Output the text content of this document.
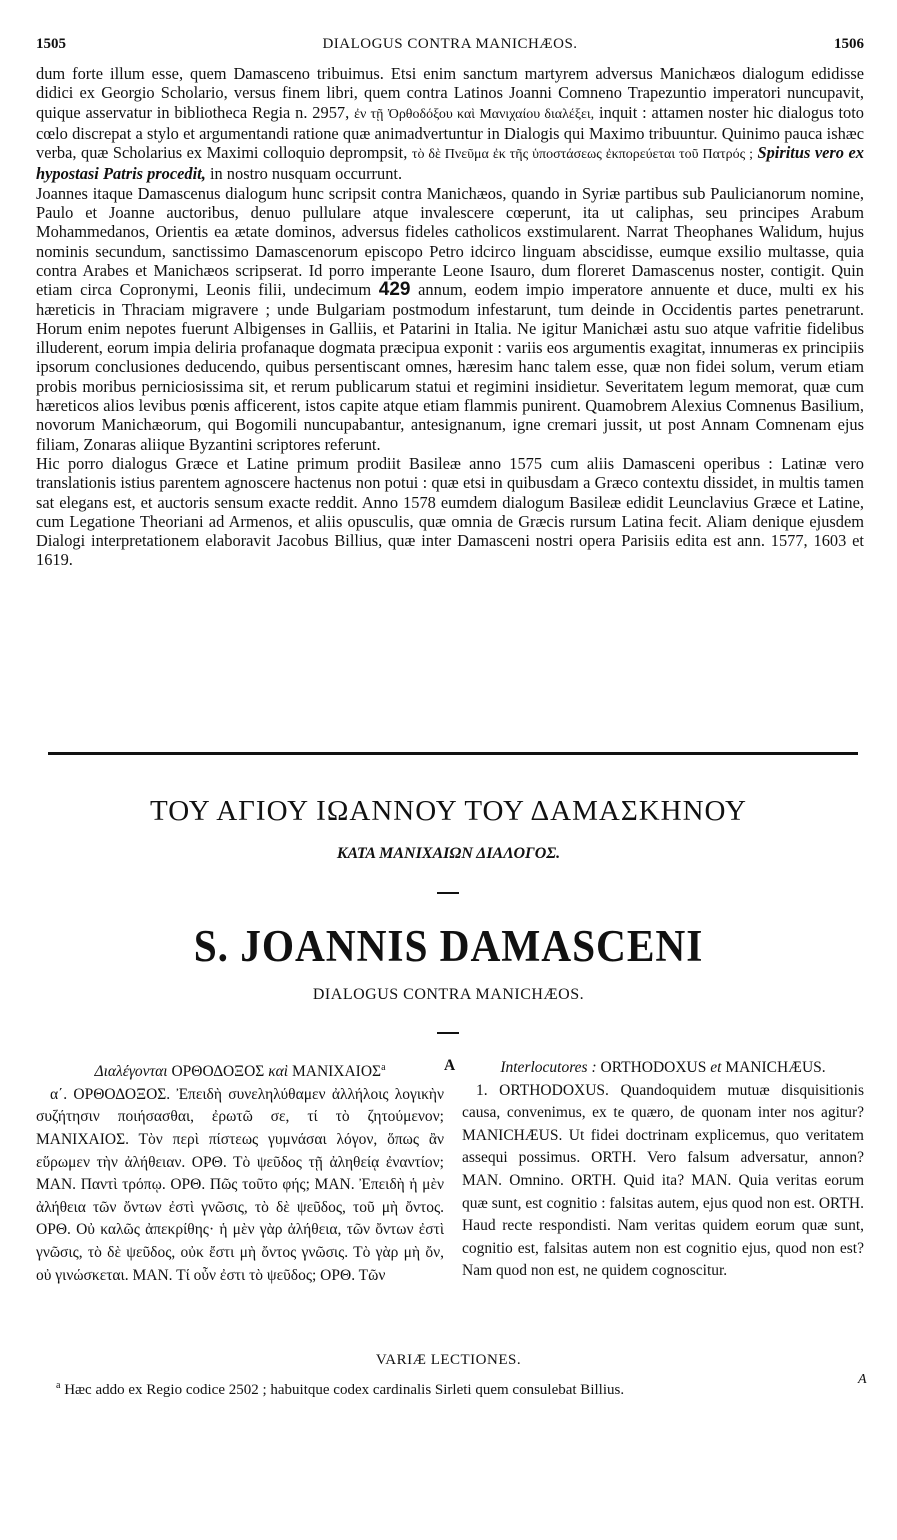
1505	DIALOGUS CONTRA MANICHÆOS.	1506

dum forte illum esse, quem Damasceno tribuimus. Etsi enim sanctum martyrem adversus Manichæos dialogum edidisse didici ex Georgio Scholario, versus finem libri, quem contra Latinos Joanni Comneno Trapezuntio imperatori nuncupavit, quique asservatur in bibliotheca Regia n. 2957, ἐν τῇ Ὀρθοδόξου καὶ Μανιχαίου διαλέξει, inquit : attamen noster hic dialogus toto cœlo discrepat a stylo et argumentandi ratione quæ animadvertuntur in Dialogis qui Maximo tribuuntur. Quinimo pauca ishæc verba, quæ Scholarius ex Maximi colloquio deprompsit, τὸ δὲ Πνεῦμα ἐκ τῆς ὑποστάσεως ἐκπορεύεται τοῦ Πατρός ; Spiritus vero ex hypostasi Patris procedit, in nostro nusquam occurrunt.

Joannes itaque Damascenus dialogum hunc scripsit contra Manichæos, quando in Syriæ partibus sub Paulicianorum nomine, Paulo et Joanne auctoribus, denuo pullulare atque invalescere cœperunt, ita ut caliphas, seu principes Arabum Mohammedanos, Orientis ea ætate dominos, adversus fideles catholicos exstimularent. Narrat Theophanes Walidum, hujus nominis secundum, sanctissimo Damascenorum episcopo Petro idcirco linguam abscidisse, eumque exsilio multasse, quia contra Arabes et Manichæos scripserat. Id porro imperante Leone Isauro, dum floreret Damascenus noster, contigit. Quin etiam circa Copronymi, Leonis filii, undecimum 429 annum, eodem impio imperatore annuente et duce, multi ex his hæreticis in Thraciam migravere ; unde Bulgariam postmodum infestarunt, tum deinde in Occidentis partes penetrarunt. Horum enim nepotes fuerunt Albigenses in Galliis, et Patarini in Italia. Ne igitur Manichæi astu suo atque vafritie fidelibus illuderent, eorum impia deliria profanaque dogmata præcipua exponit : variis eos argumentis exagitat, innumeras ex principiis ipsorum conclusiones deducendo, quibus persentiscant omnes, hæresim hanc talem esse, quæ non fidei solum, verum etiam probis moribus perniciosissima sit, et rerum publicarum statui et regimini insidietur. Severitatem legum memorat, quæ cum hæreticos alios levibus pœnis afficerent, istos capite atque etiam flammis punirent. Quamobrem Alexius Comnenus Basilium, novorum Manichæorum, qui Bogomili nuncupabantur, antesignanum, igne cremari jussit, ut post Annam Comnenam ejus filiam, Zonaras aliique Byzantini scriptores referunt.

Hic porro dialogus Græce et Latine primum prodiit Basileæ anno 1575 cum aliis Damasceni operibus : Latinæ vero translationis istius parentem agnoscere hactenus non potui : quæ etsi in quibusdam a Græco contextu dissidet, in multis tamen sat elegans est, et auctoris sensum exacte reddit. Anno 1578 eumdem dialogum Basileæ edidit Leunclavius Græce et Latine, cum Legatione Theoriani ad Armenos, et aliis opusculis, quæ omnia de Græcis rursum Latina fecit. Aliam denique ejusdem Dialogi interpretationem elaboravit Jacobus Billius, quæ inter Damasceni nostri opera Parisiis edita est ann. 1577, 1603 et 1619.

ΤΟΥ ΑΓΙΟΥ ΙΩΑΝΝΟΥ ΤΟΥ ΔΑΜΑΣΚΗΝΟΥ
ΚΑΤΑ ΜΑΝΙΧΑΙΩΝ ΔΙΑΛΟΓΟΣ.
S. JOANNIS DAMASCENI
DIALOGUS CONTRA MANICHÆOS.

Διαλέγονται ΟΡΘΟΔΟΞΟΣ καὶ ΜΑΝΙΧΑΙΟΣ$^a$

α΄. ΟΡΘΟΔΟΞΟΣ. Ἐπειδὴ συνεληλύθαμεν ἀλλήλοις λογικὴν συζήτησιν ποιήσασθαι, ἐρωτῶ σε, τί τὸ ζητούμενον; ΜΑΝΙΧΑΙΟΣ. Τὸν περὶ πίστεως γυμνάσαι λόγον, ὅπως ἂν εὕρωμεν τὴν ἀλήθειαν. ΟΡΘ. Τὸ ψεῦδος τῇ ἀληθείᾳ ἐναντίον; ΜΑΝ. Παντὶ τρόπῳ. ΟΡΘ. Πῶς τοῦτο φής; ΜΑΝ. Ἐπειδὴ ἡ μὲν ἀλήθεια τῶν ὄντων ἐστὶ γνῶσις, τὸ δὲ ψεῦδος, τοῦ μὴ ὄντος. ΟΡΘ. Οὐ καλῶς ἀπεκρίθης· ἡ μὲν γὰρ ἀλήθεια, τῶν ὄντων ἐστὶ γνῶσις, τὸ δὲ ψεῦδος, οὐκ ἔστι μὴ ὄντος γνῶσις. Τὸ γὰρ μὴ ὄν, οὐ γινώσκεται. ΜΑΝ. Τί οὖν ἐστι τὸ ψεῦδος; ΟΡΘ. Τῶν

A	Interlocutores : ORTHODOXUS et MANICHÆUS.

1. ORTHODOXUS. Quandoquidem mutuæ disquisitionis causa, convenimus, ex te quæro, de quonam inter nos agitur? MANICHÆUS. Ut fidei doctrinam explicemus, quo veritatem assequi possimus. ORTH. Vero falsum adversatur, annon? MAN. Omnino. ORTH. Quid ita? MAN. Quia veritas eorum quæ sunt, est cognitio : falsitas autem, ejus quod non est. ORTH. Haud recte respondisti. Nam veritas quidem eorum quæ sunt, cognitio est, falsitas autem non est cognitio ejus, quod non est? Nam quod non est, ne quidem cognoscitur.

VARIÆ LECTIONES.
$^a$ Hæc addo ex Regio codice 2502 ; habuitque codex cardinalis Sirleti quem consulebat Billius.
A
